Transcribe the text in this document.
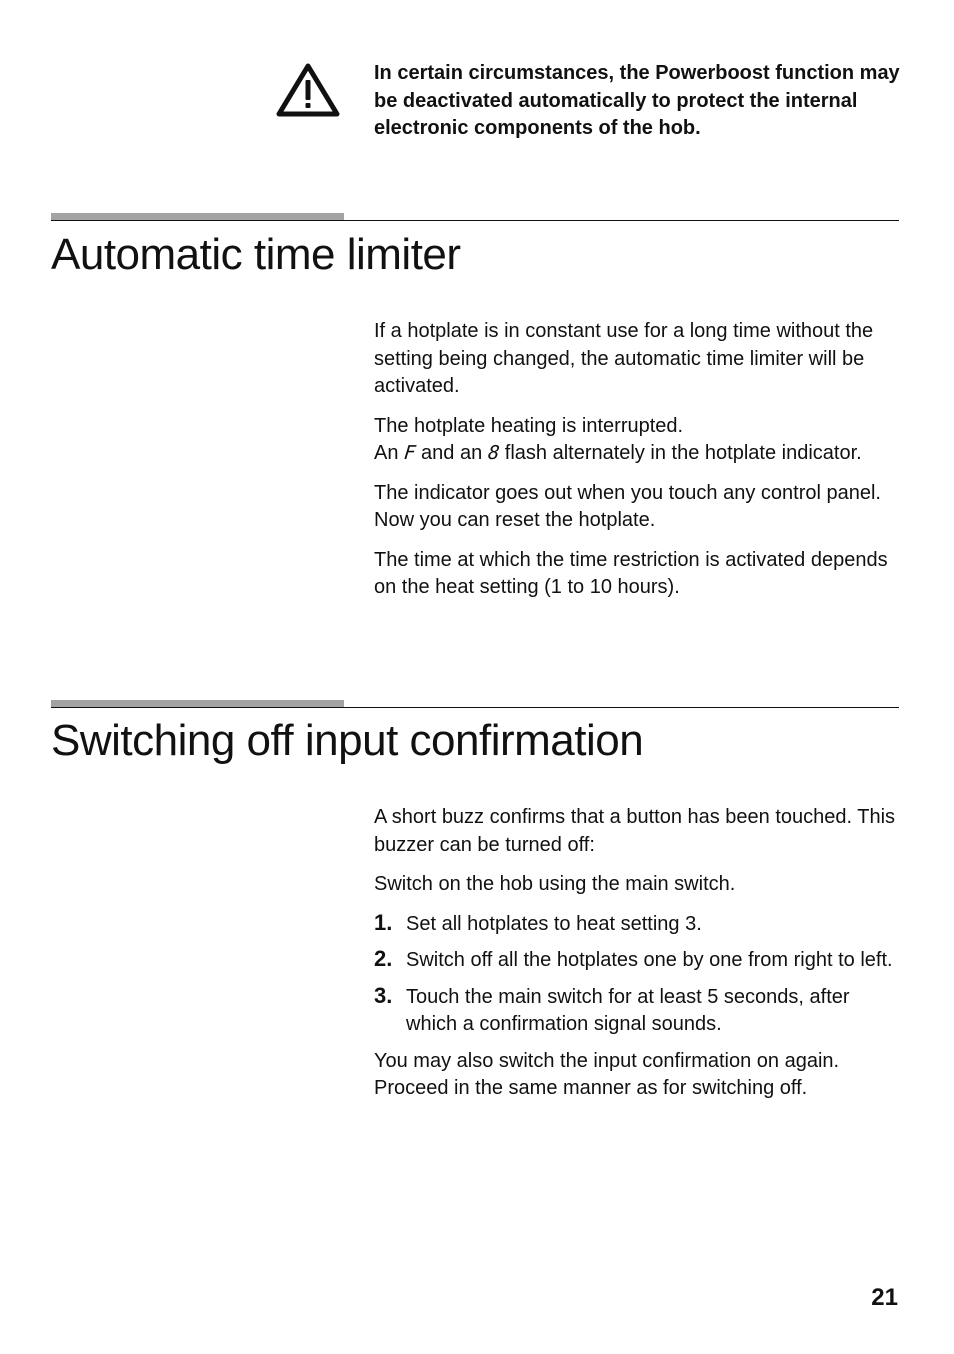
In certain circumstances, the Powerboost function may be deactivated automatically to protect the internal electronic components of the hob.

Automatic time limiter

If a hotplate is in constant use for a long time without the setting being changed, the automatic time limiter will be activated.

The hotplate heating is interrupted.
An F and an 8 flash alternately in the hotplate indicator.

The indicator goes out when you touch any control panel. Now you can reset the hotplate.

The time at which the time restriction is activated depends on the heat setting (1 to 10 hours).

Switching off input confirmation

A short buzz confirms that a button has been touched. This buzzer can be turned off:

Switch on the hob using the main switch.

1. Set all hotplates to heat setting 3.
2. Switch off all the hotplates one by one from right to left.
3. Touch the main switch for at least 5 seconds, after which a confirmation signal sounds.

You may also switch the input confirmation on again. Proceed in the same manner as for switching off.

21
